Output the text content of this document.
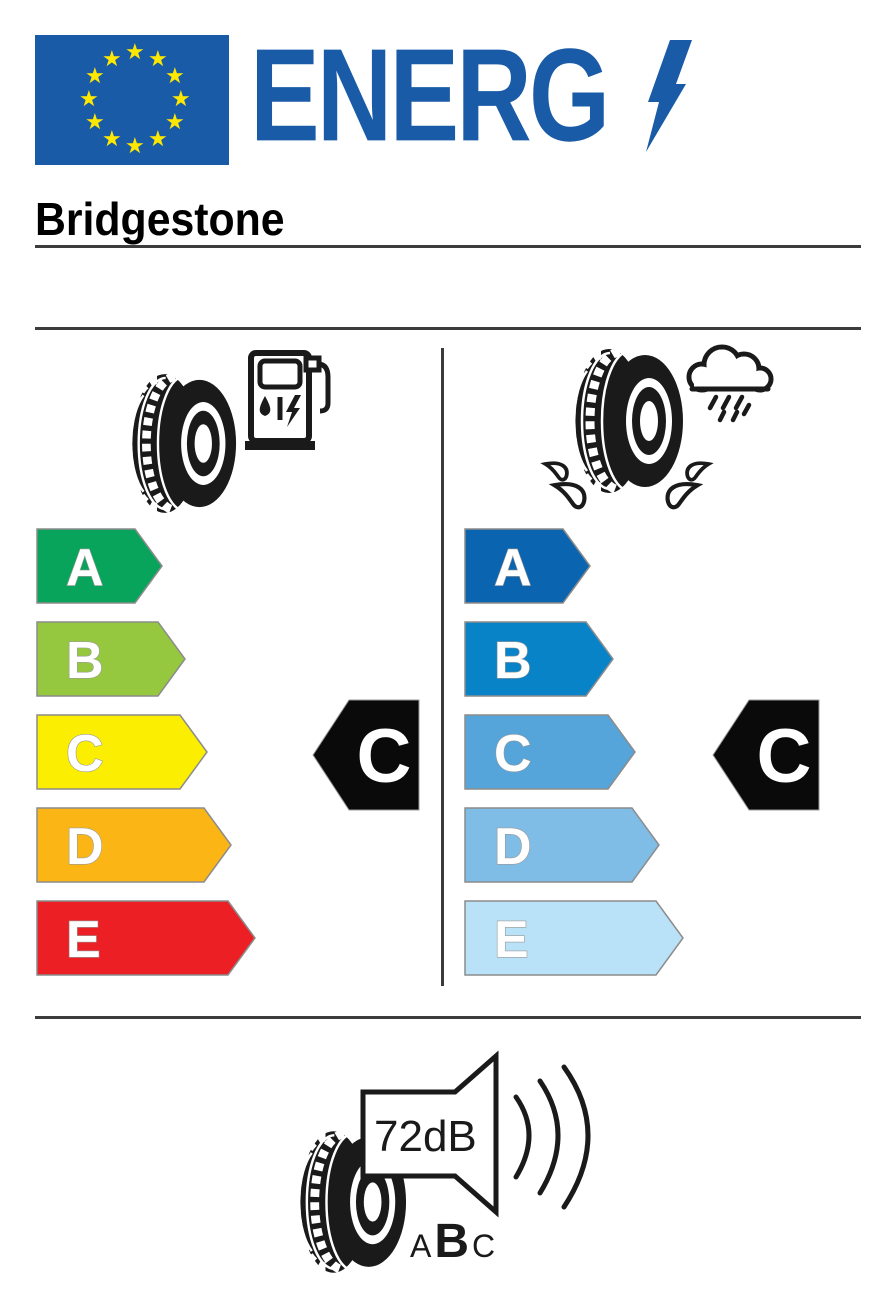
★ ★
★
★
★
★
★
★
★
★
★
★ ENERG
Bridgestone
A
B
C
D
E
A
B
C
D
E
C	C
72dB
A B C
